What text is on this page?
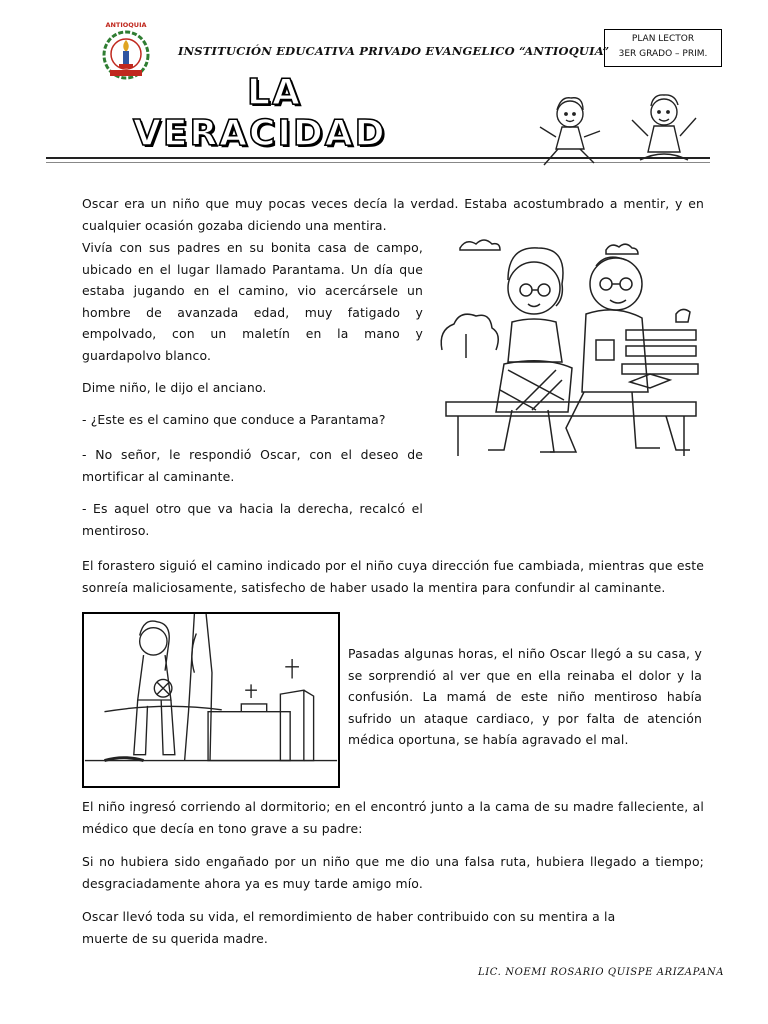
ANTIOQUIA
INSTITUCIÓN EDUCATIVA PRIVADO EVANGELICO “ANTIOQUIA”
PLAN LECTOR
3ER GRADO – PRIM.
LA
VERACIDAD
Oscar era un niño que muy pocas veces decía la verdad. Estaba acostumbrado a mentir, y en cualquier ocasión gozaba diciendo una mentira.
Vivía con sus padres en su bonita casa de campo, ubicado en el lugar llamado Parantama. Un día que estaba jugando en el camino, vio acercársele un hombre de avanzada edad, muy fatigado y empolvado, con un maletín en la mano y guardapolvo blanco.
Dime niño, le dijo el anciano.
- ¿Este es el camino que conduce a Parantama?
- No señor, le respondió Oscar, con el deseo de mortificar al caminante.
- Es aquel otro que va hacia la derecha, recalcó el mentiroso.
El forastero siguió el camino indicado por el niño cuya dirección fue cambiada, mientras que este sonreía maliciosamente, satisfecho de haber usado la mentira para confundir al caminante.
Pasadas algunas horas, el niño Oscar llegó a su casa, y se sorprendió al ver que en ella reinaba el dolor y la confusión. La mamá de este niño mentiroso había sufrido un ataque cardiaco, y por falta de atención médica oportuna, se había agravado el mal.
El niño ingresó corriendo al dormitorio; en el encontró junto a la cama de su madre falleciente, al médico que decía en tono grave a su padre:
Si no hubiera sido engañado por un niño que me dio una falsa ruta, hubiera llegado a tiempo; desgraciadamente ahora ya es muy tarde amigo mío.
Oscar llevó toda su vida, el remordimiento de haber contribuido con su mentira a la muerte de su querida madre.
LIC. NOEMI ROSARIO QUISPE ARIZAPANA
